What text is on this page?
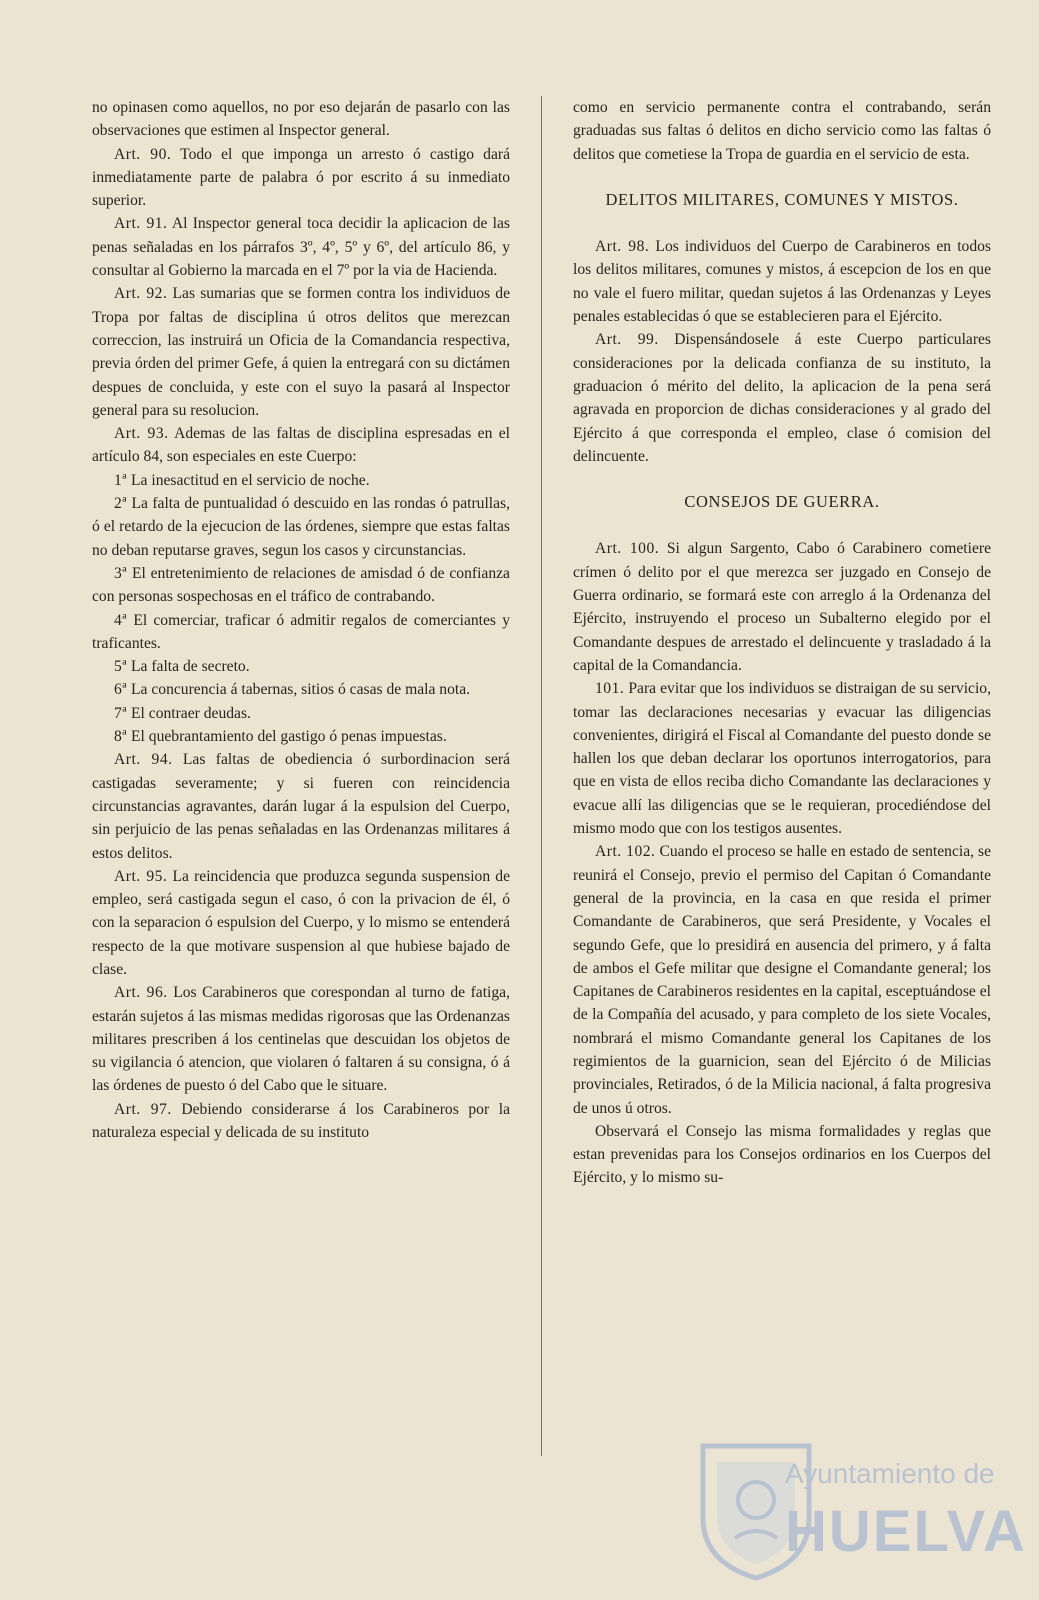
no opinasen como aquellos, no por eso dejarán de pasarlo con las observaciones que estimen al Inspector general.

Art. 90. Todo el que imponga un arresto ó castigo dará inmediatamente parte de palabra ó por escrito á su inmediato superior.

Art. 91. Al Inspector general toca decidir la aplicacion de las penas señaladas en los párrafos 3º, 4º, 5º y 6º, del artículo 86, y consultar al Gobierno la marcada en el 7º por la via de Hacienda.

Art. 92. Las sumarias que se formen contra los individuos de Tropa por faltas de disciplina ú otros delitos que merezcan correccion, las instruirá un Oficia de la Comandancia respectiva, previa órden del primer Gefe, á quien la entregará con su dictámen despues de concluida, y este con el suyo la pasará al Inspector general para su resolucion.

Art. 93. Ademas de las faltas de disciplina espresadas en el artículo 84, son especiales en este Cuerpo:

1ª La inesactitud en el servicio de noche.

2ª La falta de puntualidad ó descuido en las rondas ó patrullas, ó el retardo de la ejecucion de las órdenes, siempre que estas faltas no deban reputarse graves, segun los casos y circunstancias.

3ª El entretenimiento de relaciones de amisdad ó de confianza con personas sospechosas en el tráfico de contrabando.

4ª El comerciar, traficar ó admitir regalos de comerciantes y traficantes.

5ª La falta de secreto.

6ª La concurencia á tabernas, sitios ó casas de mala nota.

7ª El contraer deudas.

8ª El quebrantamiento del gastigo ó penas impuestas.

Art. 94. Las faltas de obediencia ó surbordinacion será castigadas severamente; y si fueren con reincidencia circunstancias agravantes, darán lugar á la espulsion del Cuerpo, sin perjuicio de las penas señaladas en las Ordenanzas militares á estos delitos.

Art. 95. La reincidencia que produzca segunda suspension de empleo, será castigada segun el caso, ó con la privacion de él, ó con la separacion ó espulsion del Cuerpo, y lo mismo se entenderá respecto de la que motivare suspension al que hubiese bajado de clase.

Art. 96. Los Carabineros que corespondan al turno de fatiga, estarán sujetos á las mismas medidas rigorosas que las Ordenanzas militares prescriben á los centinelas que descuidan los objetos de su vigilancia ó atencion, que violaren ó faltaren á su consigna, ó á las órdenes de puesto ó del Cabo que le situare.

Art. 97. Debiendo considerarse á los Carabineros por la naturaleza especial y delicada de su instituto

como en servicio permanente contra el contrabando, serán graduadas sus faltas ó delitos en dicho servicio como las faltas ó delitos que cometiese la Tropa de guardia en el servicio de esta.

DELITOS MILITARES, COMUNES Y MISTOS.

Art. 98. Los individuos del Cuerpo de Carabineros en todos los delitos militares, comunes y mistos, á escepcion de los en que no vale el fuero militar, quedan sujetos á las Ordenanzas y Leyes penales establecidas ó que se establecieren para el Ejército.

Art. 99. Dispensándosele á este Cuerpo particulares consideraciones por la delicada confianza de su instituto, la graduacion ó mérito del delito, la aplicacion de la pena será agravada en proporcion de dichas consideraciones y al grado del Ejército á que corresponda el empleo, clase ó comision del delincuente.

CONSEJOS DE GUERRA.

Art. 100. Si algun Sargento, Cabo ó Carabinero cometiere crímen ó delito por el que merezca ser juzgado en Consejo de Guerra ordinario, se formará este con arreglo á la Ordenanza del Ejército, instruyendo el proceso un Subalterno elegido por el Comandante despues de arrestado el delincuente y trasladado á la capital de la Comandancia.

101. Para evitar que los individuos se distraigan de su servicio, tomar las declaraciones necesarias y evacuar las diligencias convenientes, dirigirá el Fiscal al Comandante del puesto donde se hallen los que deban declarar los oportunos interrogatorios, para que en vista de ellos reciba dicho Comandante las declaraciones y evacue allí las diligencias que se le requieran, procediéndose del mismo modo que con los testigos ausentes.

Art. 102. Cuando el proceso se halle en estado de sentencia, se reunirá el Consejo, previo el permiso del Capitan ó Comandante general de la provincia, en la casa en que resida el primer Comandante de Carabineros, que será Presidente, y Vocales el segundo Gefe, que lo presidirá en ausencia del primero, y á falta de ambos el Gefe militar que designe el Comandante general; los Capitanes de Carabineros residentes en la capital, esceptuándose el de la Compañía del acusado, y para completo de los siete Vocales, nombrará el mismo Comandante general los Capitanes de los regimientos de la guarnicion, sean del Ejército ó de Milicias provinciales, Retirados, ó de la Milicia nacional, á falta progresiva de unos ú otros.

Observará el Consejo las misma formalidades y reglas que estan prevenidas para los Consejos ordinarios en los Cuerpos del Ejército, y lo mismo su-

Ayuntamiento de
HUELVA
